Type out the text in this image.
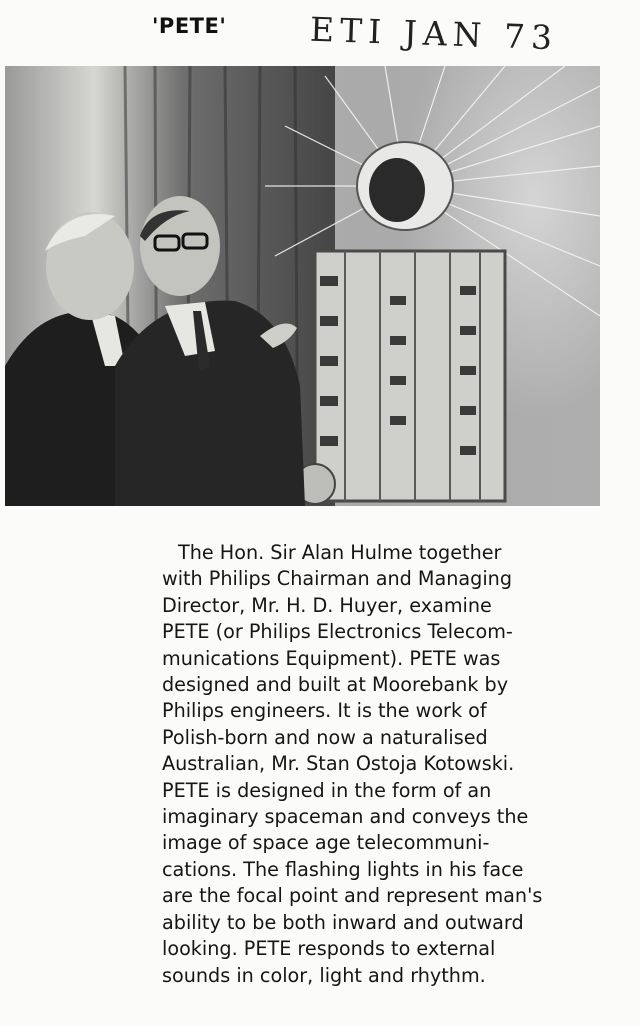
'PETE'	ETI JAN 73
The Hon. Sir Alan Hulme together
with Philips Chairman and Managing
Director, Mr. H. D. Huyer, examine
PETE (or Philips Electronics Telecom-
munications Equipment). PETE was
designed and built at Moorebank by
Philips engineers. It is the work of
Polish-born and now a naturalised
Australian, Mr. Stan Ostoja Kotowski.
PETE is designed in the form of an
imaginary spaceman and conveys the
image of space age telecommuni-
cations. The flashing lights in his face
are the focal point and represent man's
ability to be both inward and outward
looking. PETE responds to external
sounds in color, light and rhythm.
